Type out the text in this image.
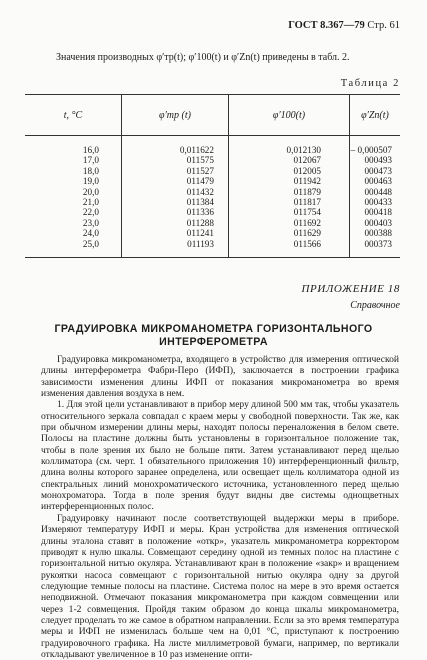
ГОСТ 8.367—79 Стр. 61
Значения производных φ′тр(t); φ′100(t) и φ′Zn(t) приведены в табл. 2.
Таблица 2
t, °C	φ′тр (t)	φ′100(t)	φ′Zn(t)
16,0	0,011622	0,012130	– 0,000507
17,0	011575	012067	000493
18,0	011527	012005	000473
19,0	011479	011942	000463
20,0	011432	011879	000448
21,0	011384	011817	000433
22,0	011336	011754	000418
23,0	011288	011692	000403
24,0	011241	011629	000388
25,0	011193	011566	000373
ПРИЛОЖЕНИЕ 18
Справочное
ГРАДУИРОВКА МИКРОМАНОМЕТРА ГОРИЗОНТАЛЬНОГО
ИНТЕРФЕРОМЕТРА

Градуировка микроманометра, входящего в устройство для измерения оптической длины интерферометра Фабри-Перо (ИФП), заключается в построении графика зависимости изменения длины ИФП от показания микроманометра во время изменения давления воздуха в нем.

1. Для этой цели устанавливают в прибор меру длиной 500 мм так, чтобы указатель относительного зеркала совпадал с краем меры у свободной поверхности. Так же, как при обычном измерении длины меры, находят полосы переналожения в белом свете. Полосы на пластине должны быть установлены в горизонтальное положение так, чтобы в поле зрения их было не больше пяти. Затем устанавливают перед щелью коллиматора (см. черт. 1 обязательного приложения 10) интерференционный фильтр, длина волны которого заранее определена, или освещает щель коллиматора одной из спектральных линий монохроматического источника, установленного перед щелью монохроматора. Тогда в поле зрения будут видны две системы однощветных интерференционных полос.

Градуировку начинают после соответствующей выдержки меры в приборе. Измеряют температуру ИФП и меры. Кран устройства для изменения оптической длины эталона ставят в положение «откр», указатель микроманометра корректором приводят к нулю шкалы. Совмещают середину одной из темных полос на пластине с горизонтальной нитью окуляра. Устанавливают кран в положение «закр» и вращением рукоятки насоса совмещают с горизонтальной нитью окуляра одну за другой следующие темные полосы на пластине. Система полос на мере в это время остается неподвижной. Отмечают показания микроманометра при каждом совмещении или через 1-2 совмещения. Пройдя таким образом до конца шкалы микроманометра, следует проделать то же самое в обратном направлении. Если за это время температура меры и ИФП не изменилась больше чем на 0,01 °С, приступают к построению градуировочного графика. На листе миллиметровой бумаги, например, по вертикали откладывают увеличенное в 10 раз изменение опти-
